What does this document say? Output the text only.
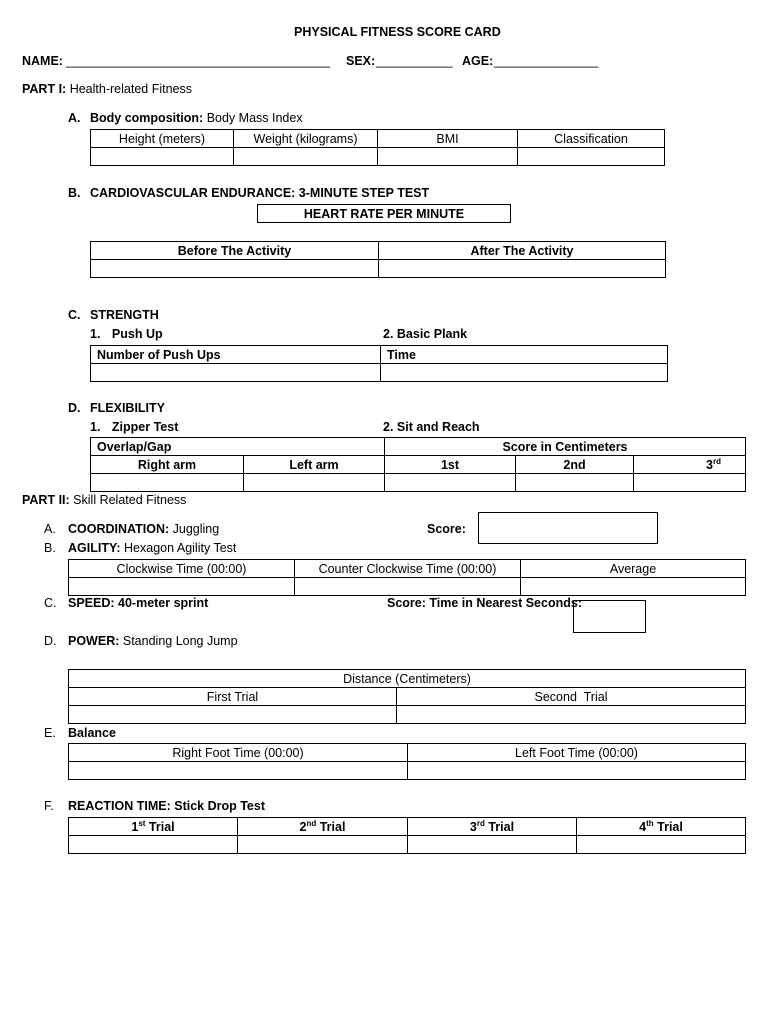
PHYSICAL FITNESS SCORE CARD
NAME: ______________________________________ SEX: ___________ AGE: _______________
PART I: Health-related Fitness
A. Body composition: Body Mass Index
Height (meters)	Weight (kilograms)	BMI	Classification

B. CARDIOVASCULAR ENDURANCE: 3-MINUTE STEP TEST
HEART RATE PER MINUTE
Before The Activity	After The Activity

C. STRENGTH
1. Push Up	2. Basic Plank
Number of Push Ups	Time

D. FLEXIBILITY
1. Zipper Test	2. Sit and Reach
Overlap/Gap		Score in Centimeters		
Right arm	Left arm	1st	2nd	3rd

PART II: Skill Related Fitness
A. COORDINATION: Juggling	Score:
B. AGILITY: Hexagon Agility Test
Clockwise Time (00:00)	Counter Clockwise Time (00:00)	Average

C. SPEED: 40-meter sprint	Score: Time in Nearest Seconds:
D. POWER: Standing Long Jump
Distance (Centimeters)	
First Trial	Second  Trial

E. Balance
Right Foot Time (00:00)	Left Foot Time (00:00)

F. REACTION TIME: Stick Drop Test
1st Trial	2nd Trial	3rd Trial	4th Trial
